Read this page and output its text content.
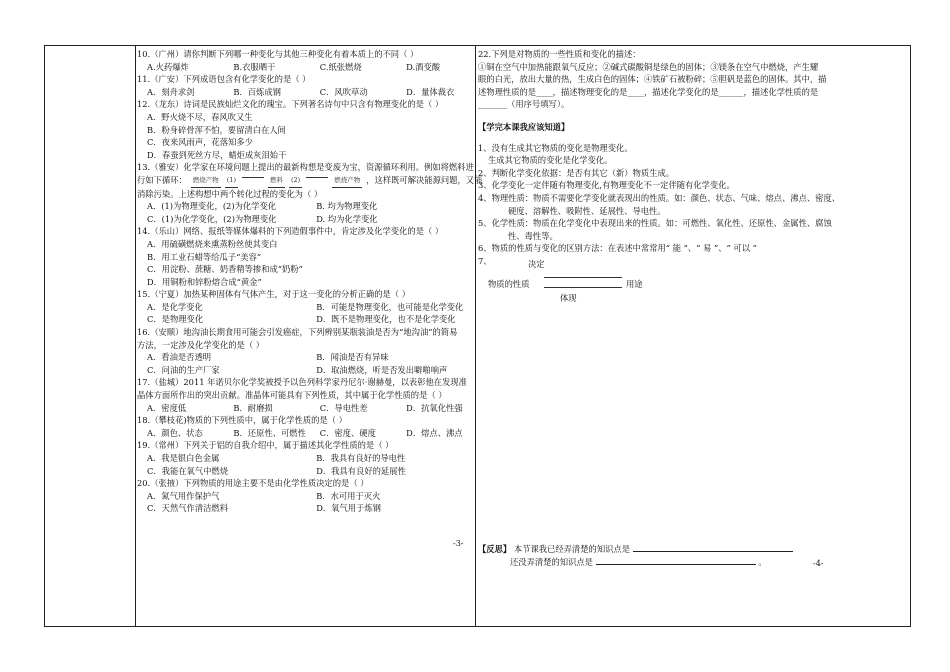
10.（广州）请你判断下列哪一种变化与其他三种变化有着本质上的不同（ ）
A.火药爆炸	B.衣服晒干	C.纸张燃烧	D.酒变酸
11.（广安）下列成语包含有化学变化的是（ ）
A．刻舟求剑	B．百炼成钢	C．风吹草动	D．量体裁衣
12.（龙东）诗词是民族灿烂文化的瑰宝。下列著名诗句中只含有物理变化的是（ ）
A．野火烧不尽，春风吹又生
B．粉身碎骨浑不怕，要留清白在人间
C．夜来风雨声，花落知多少
D．春蚕到死丝方尽，蜡炬成灰泪始干
13.（雅安）化学家在环境问题上提出的最新构想是变废为宝，资源循环利用。例如将燃料进
行如下循环： 燃烧产物	(1)	燃料	(2)	燃烧产物 ，这样既可解决能源问题，又能
消除污染。上述构想中两个转化过程的变化为（ ）
A．(1)为物理变化，(2)为化学变化	B. 均为物理变化
C．(1)为化学变化，(2)为物理变化	D. 均为化学变化
14.（乐山）网络、报纸等媒体爆料的下列造假事件中，肯定涉及化学变化的是（ ）
A．用硫磺燃烧来熏蒸粉丝使其变白
B．用工业石蜡等给瓜子“美容”
C．用淀粉、蔗糖、奶香精等掺和成“奶粉”
D．用铜粉和锌粉熔合成“黄金”
15.（宁夏）加热某种固体有气体产生，对于这一变化的分析正确的是（ ）
A．是化学变化	B．可能是物理变化，也可能是化学变化
C．是物理变化	D．既不是物理变化，也不是化学变化
16.（安顺）地沟油长期食用可能会引发癌症，下列辨别某瓶装油是否为“地沟油”的简易
方法，一定涉及化学变化的是（ ）
A．看油是否透明	B．闻油是否有异味
C．问油的生产厂家	D．取油燃烧，听是否发出噼啪响声
17.（盐城）2011 年诺贝尔化学奖被授予以色列科学家丹尼尔·谢赫曼，以表彰他在发现准
晶体方面所作出的突出贡献。准晶体可能具有下列性质，其中属于化学性质的是（ ）
A．密度低	B．耐磨损	C．导电性差	D．抗氧化性强
18.（攀枝花)物质的下列性质中，属于化学性质的是（ ）
A．颜色、状态	B．还原性、可燃性	C．密度、硬度	D．熔点、沸点
19.（常州）下列关于铝的自我介绍中，属于描述其化学性质的是（ ）
A．我是银白色金属	B．我具有良好的导电性
C．我能在氧气中燃烧	D．我具有良好的延展性
20.（张掖）下列物质的用途主要不是由化学性质决定的是（ ）
A．氮气用作保护气	B．水可用于灭火
C．天然气作清洁燃料	D．氧气用于炼钢
-3-
22.下列是对物质的一些性质和变化的描述：
①铜在空气中加热能跟氧气反应；②碱式碳酸铜是绿色的固体；③镁条在空气中燃烧，产生耀
眼的白光，放出大量的热，生成白色的固体；④铁矿石被粉碎；⑤胆矾是蓝色的固体。其中，描
述物理性质的是____，描述物理变化的是____，描述化学变化的是______，描述化学性质的是
_______（用序号填写）。
【学完本课我应该知道】
1、没有生成其它物质的变化是物理变化。
生成其它物质的变化是化学变化。
2、判断化学变化依据：是否有其它（新）物质生成。
3、化学变化一定伴随有物理变化,有物理变化不一定伴随有化学变化。
4、物理性质：物质不需要化学变化就表现出的性质。如：颜色、状态、气味、熔点、沸点、密度、
硬度、溶解性、吸附性、延展性、导电性。
5、化学性质：物质在化学变化中表现出来的性质。如：可燃性、氧化性、还原性、金属性、腐蚀
性、毒性等。
6、物质的性质与变化的区别方法：在表述中常常用“ 能 ”、“ 易 ”、“ 可以 ”
7、	决定
物质的性质	用途
体现
【反思】 本节课我已经弄清楚的知识点是
还没弄清楚的知识点是	。	-4-
